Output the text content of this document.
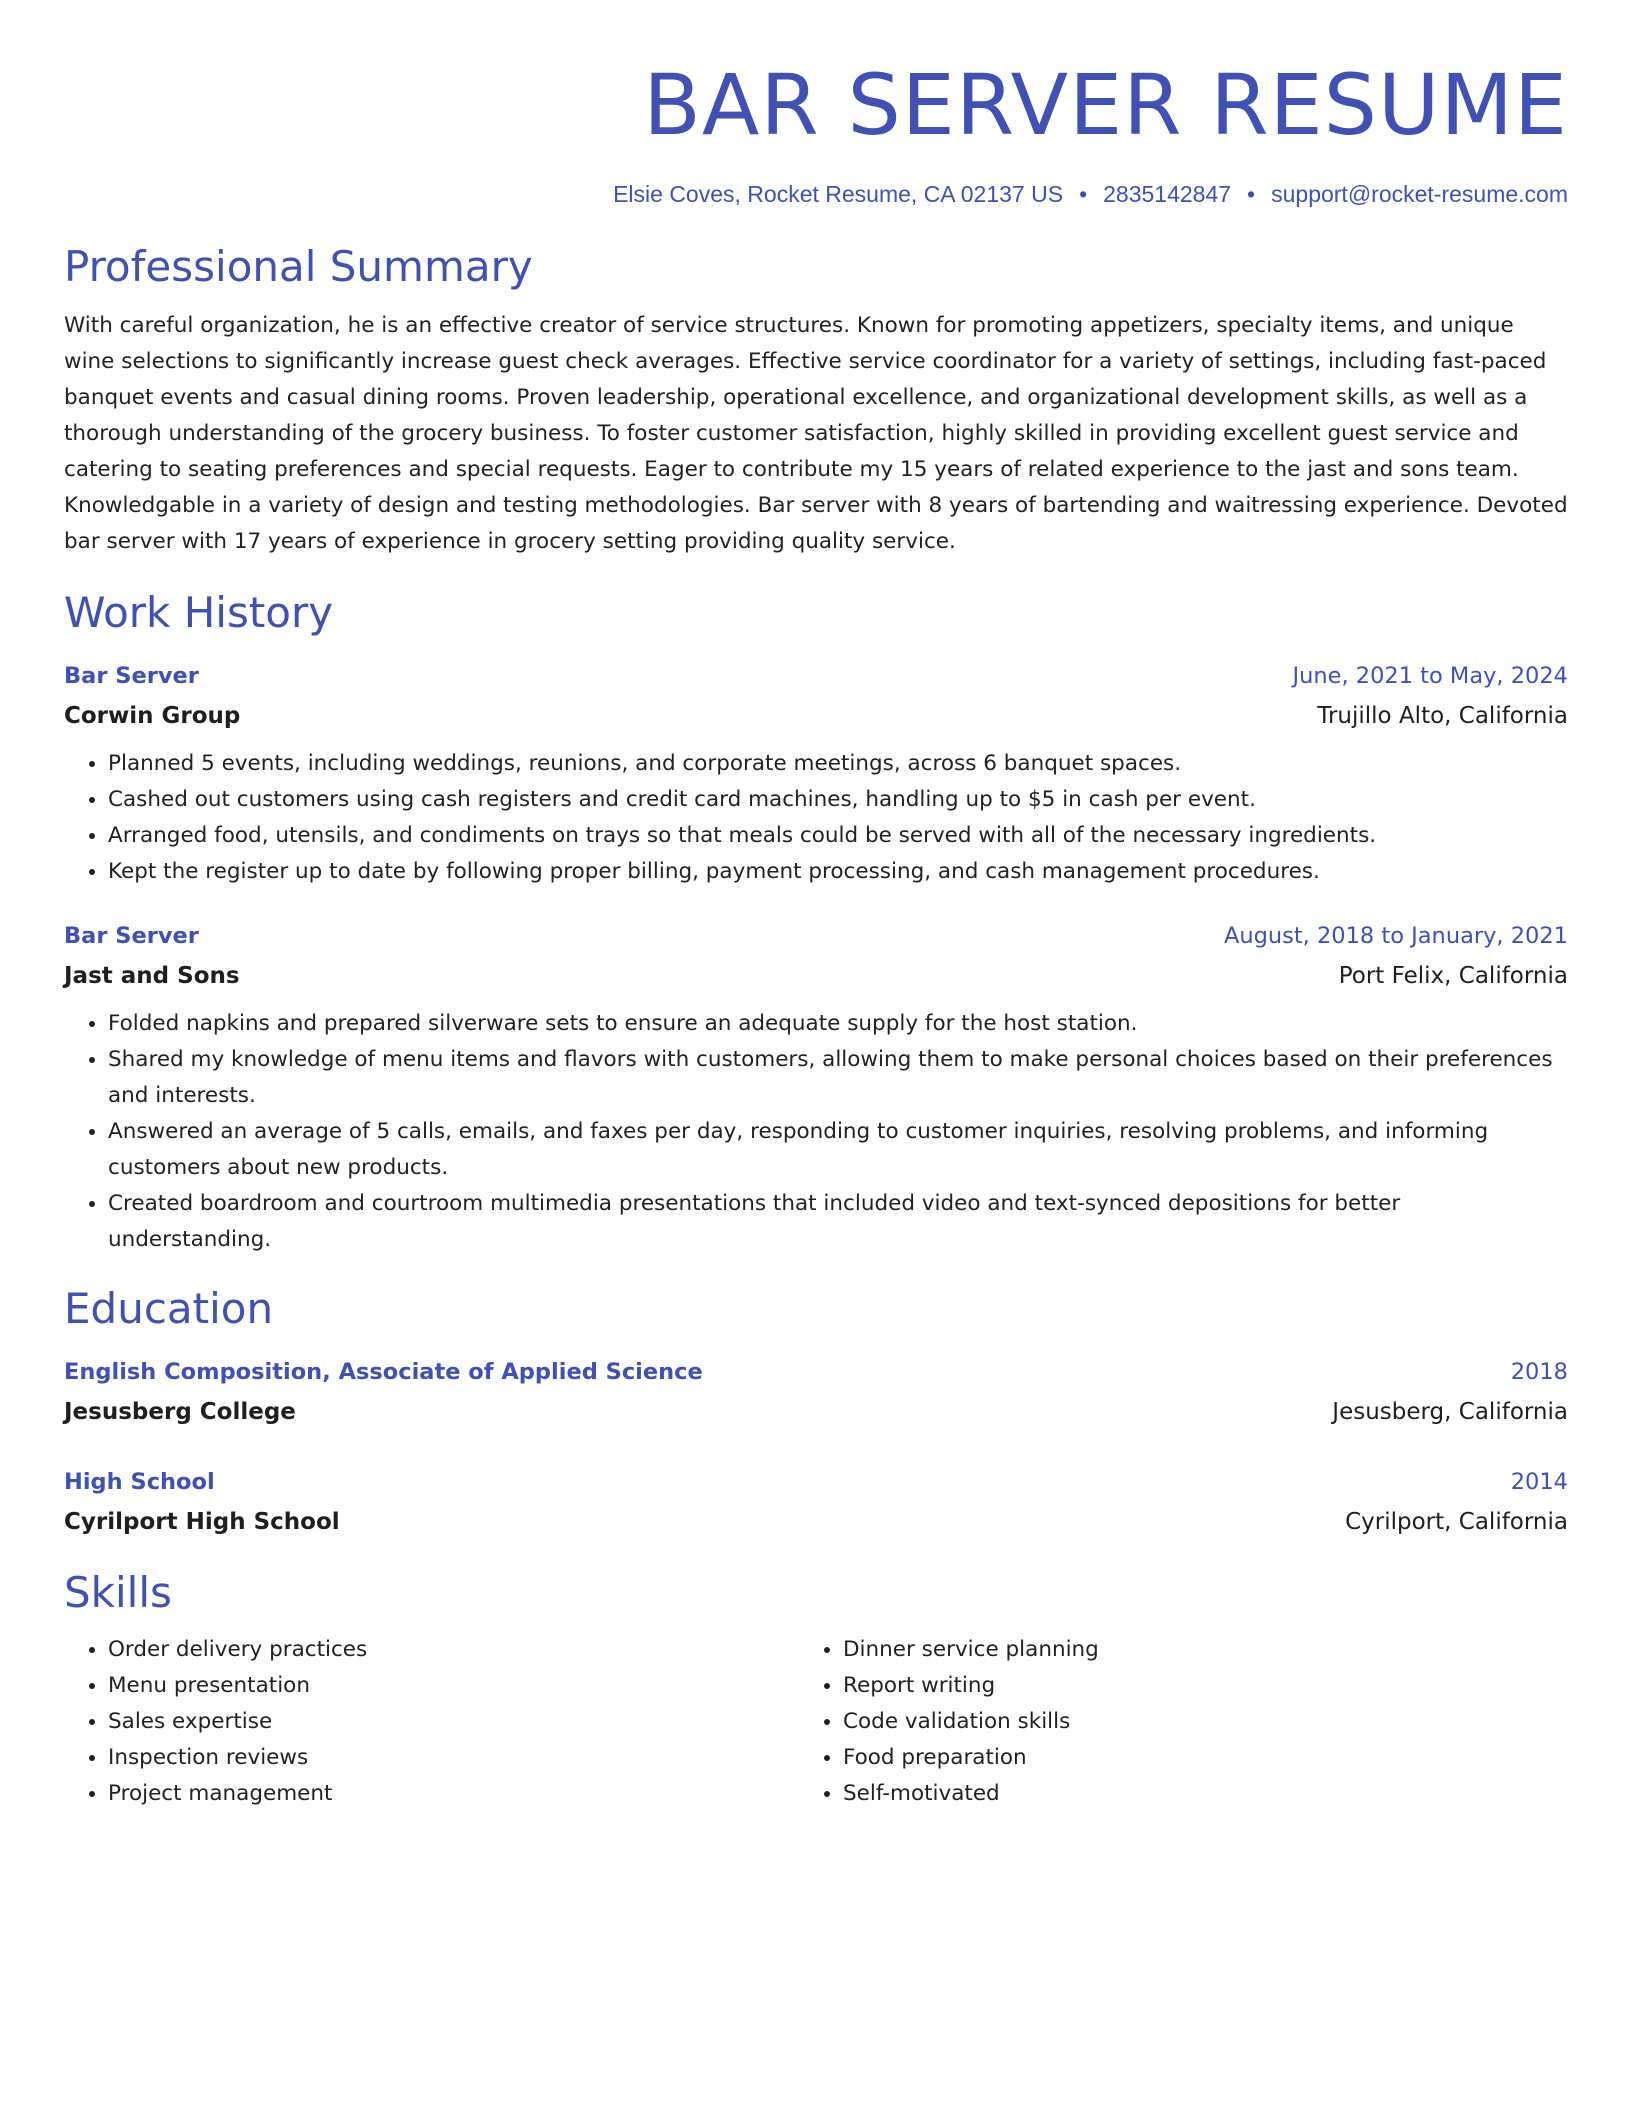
BAR SERVER RESUME
Elsie Coves, Rocket Resume, CA 02137 US • 2835142847 • support@rocket-resume.com
Professional Summary
With careful organization, he is an effective creator of service structures. Known for promoting appetizers, specialty items, and unique wine selections to significantly increase guest check averages. Effective service coordinator for a variety of settings, including fast-paced banquet events and casual dining rooms. Proven leadership, operational excellence, and organizational development skills, as well as a thorough understanding of the grocery business. To foster customer satisfaction, highly skilled in providing excellent guest service and catering to seating preferences and special requests. Eager to contribute my 15 years of related experience to the jast and sons team. Knowledgable in a variety of design and testing methodologies. Bar server with 8 years of bartending and waitressing experience. Devoted bar server with 17 years of experience in grocery setting providing quality service.
Work History
Bar Server	June, 2021 to May, 2024
Corwin Group	Trujillo Alto, California
• Planned 5 events, including weddings, reunions, and corporate meetings, across 6 banquet spaces.
• Cashed out customers using cash registers and credit card machines, handling up to $5 in cash per event.
• Arranged food, utensils, and condiments on trays so that meals could be served with all of the necessary ingredients.
• Kept the register up to date by following proper billing, payment processing, and cash management procedures.
Bar Server	August, 2018 to January, 2021
Jast and Sons	Port Felix, California
• Folded napkins and prepared silverware sets to ensure an adequate supply for the host station.
• Shared my knowledge of menu items and flavors with customers, allowing them to make personal choices based on their preferences and interests.
• Answered an average of 5 calls, emails, and faxes per day, responding to customer inquiries, resolving problems, and informing customers about new products.
• Created boardroom and courtroom multimedia presentations that included video and text-synced depositions for better understanding.
Education
English Composition, Associate of Applied Science	2018
Jesusberg College	Jesusberg, California
High School	2014
Cyrilport High School	Cyrilport, California
Skills
• Order delivery practices
• Menu presentation
• Sales expertise
• Inspection reviews
• Project management
• Dinner service planning
• Report writing
• Code validation skills
• Food preparation
• Self-motivated
